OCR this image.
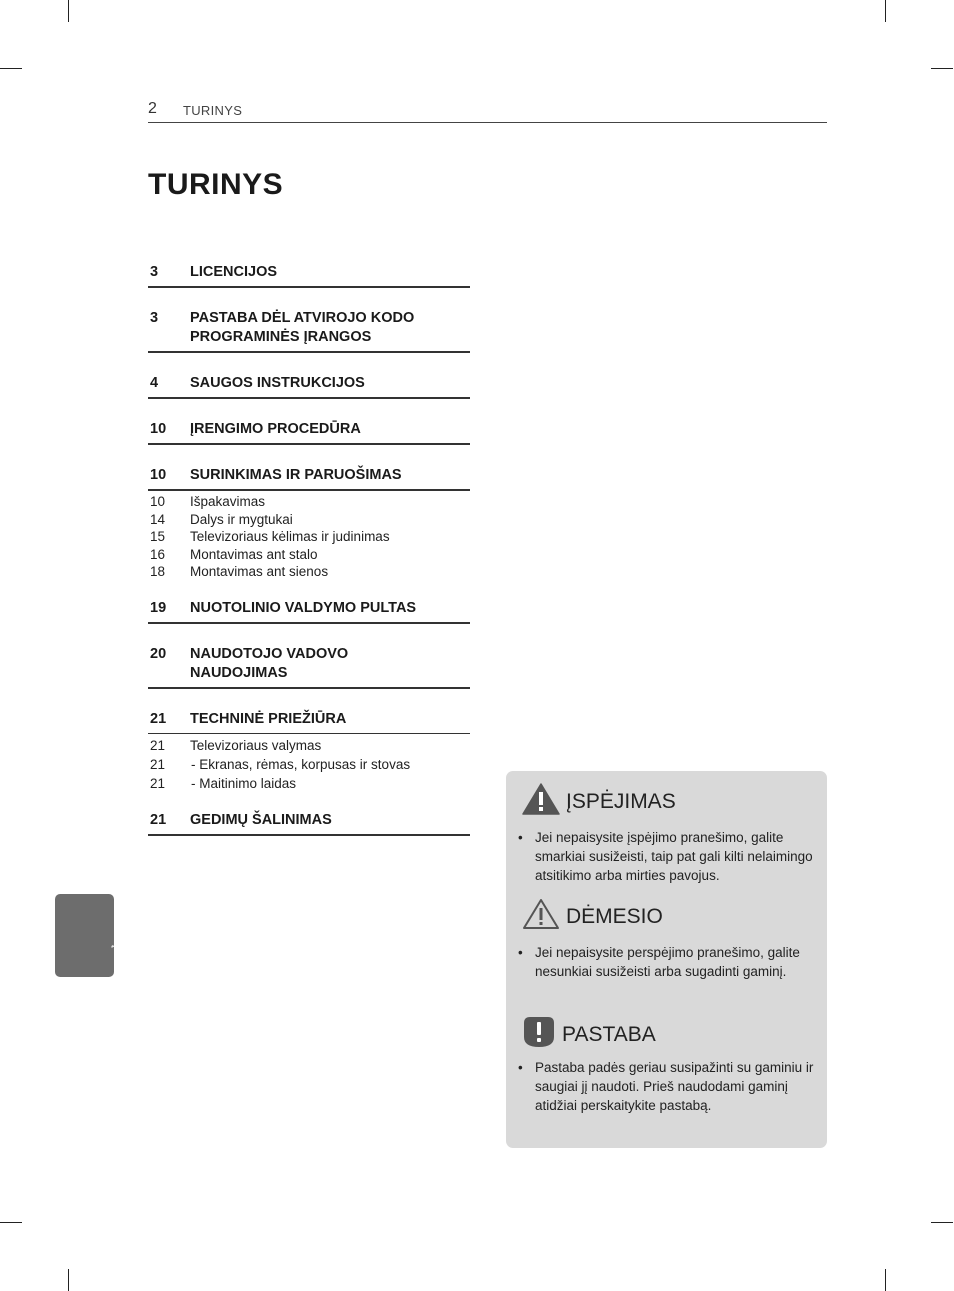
2 TURINYS
TURINYS
3 LICENCIJOS
3 PASTABA DĖL ATVIROJO KODO PROGRAMINĖS ĮRANGOS
4 SAUGOS INSTRUKCIJOS
10 ĮRENGIMO PROCEDŪRA
10 SURINKIMAS IR PARUOŠIMAS
10 Išpakavimas
14 Dalys ir mygtukai
15 Televizoriaus kėlimas ir judinimas
16 Montavimas ant stalo
18 Montavimas ant sienos
19 NUOTOLINIO VALDYMO PULTAS
20 NAUDOTOJO VADOVO NAUDOJIMAS
21 TECHNINĖ PRIEŽIŪRA
21 Televizoriaus valymas
21 - Ekranas, rėmas, korpusas ir stovas
21 - Maitinimo laidas
21 GEDIMŲ ŠALINIMAS
Lietuvių k.
ĮSPĖJIMAS
• Jei nepaisysite įspėjimo pranešimo, galite smarkiai susižeisti, taip pat gali kilti nelaimingo atsitikimo arba mirties pavojus.
DĖMESIO
• Jei nepaisysite perspėjimo pranešimo, galite nesunkiai susižeisti arba sugadinti gaminį.
PASTABA
• Pastaba padės geriau susipažinti su gaminiu ir saugiai jį naudoti. Prieš naudodami gaminį atidžiai perskaitykite pastabą.
